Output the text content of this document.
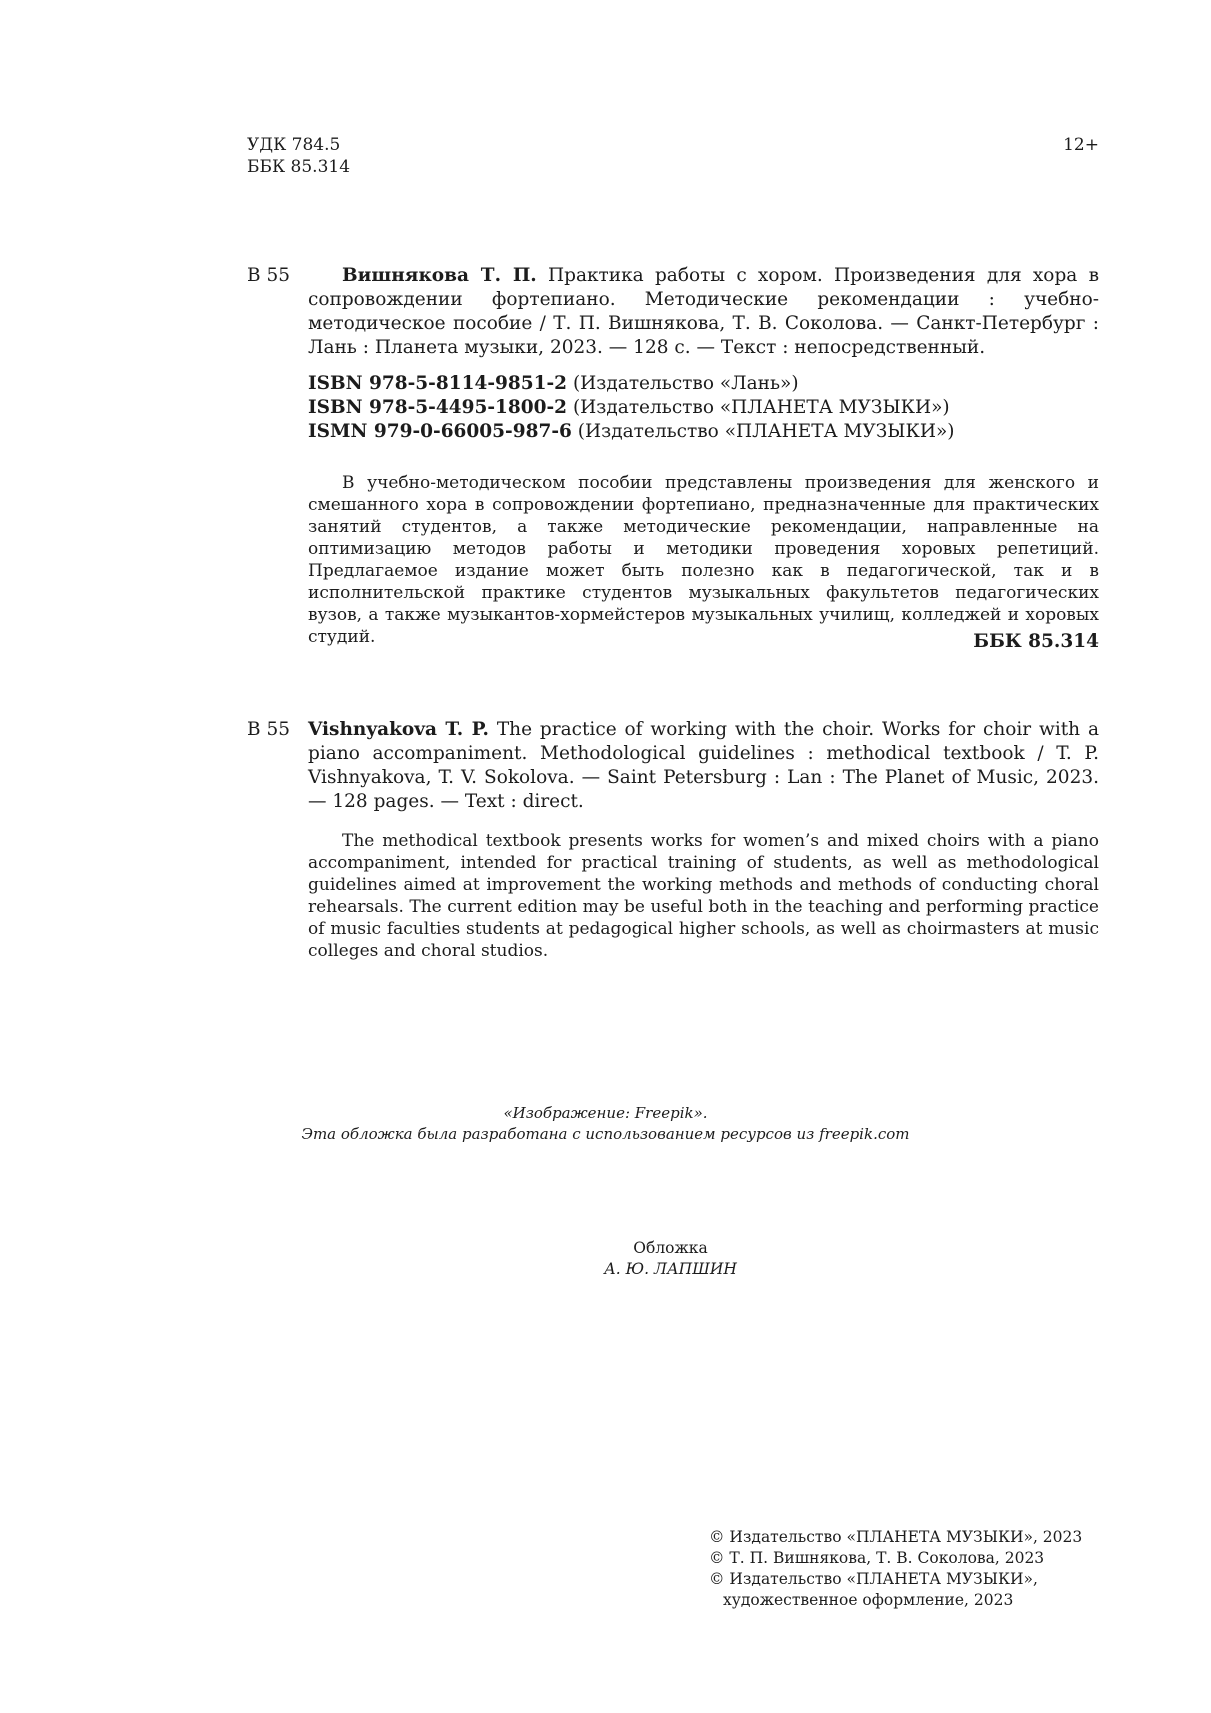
УДК 784.5
ББК 85.314
12+
В 55	Вишнякова Т. П. Практика работы с хором. Произведения для хора в сопровождении фортепиано. Методические рекомендации : учебно-методическое пособие / Т. П. Вишнякова, Т. В. Соколова. — Санкт-Петербург : Лань : Планета музыки, 2023. — 128 с. — Текст : непосредственный.
ISBN 978-5-8114-9851-2 (Издательство «Лань»)
ISBN 978-5-4495-1800-2 (Издательство «ПЛАНЕТА МУЗЫКИ»)
ISMN 979-0-66005-987-6 (Издательство «ПЛАНЕТА МУЗЫКИ»)
В учебно-методическом пособии представлены произведения для женского и смешанного хора в сопровождении фортепиано, предназначенные для практических занятий студентов, а также методические рекомендации, направленные на оптимизацию методов работы и методики проведения хоровых репетиций. Предлагаемое издание может быть полезно как в педагогической, так и в исполнительской практике студентов музыкальных факультетов педагогических вузов, а также музыкантов-хормейстеров музыкальных училищ, колледжей и хоровых студий.	ББК 85.314
В 55 Vishnyakova T. P. The practice of working with the choir. Works for choir with a piano accompaniment. Methodological guidelines : methodical textbook / T. P. Vishnyakova, T. V. Sokolova. — Saint Petersburg : Lan : The Planet of Music, 2023. — 128 pages. — Text : direct.
The methodical textbook presents works for women’s and mixed choirs with a piano accompaniment, intended for practical training of students, as well as methodological guidelines aimed at improvement the working methods and methods of conducting choral rehearsals. The current edition may be useful both in the teaching and performing practice of music faculties students at pedagogical higher schools, as well as choirmasters at music colleges and choral studios.
«Изображение: Freepik».
Эта обложка была разработана с использованием ресурсов из freepik.com
Обложка
А. Ю. ЛАПШИН
© Издательство «ПЛАНЕТА МУЗЫКИ», 2023
© Т. П. Вишнякова, Т. В. Соколова, 2023
© Издательство «ПЛАНЕТА МУЗЫКИ», художественное оформление, 2023
